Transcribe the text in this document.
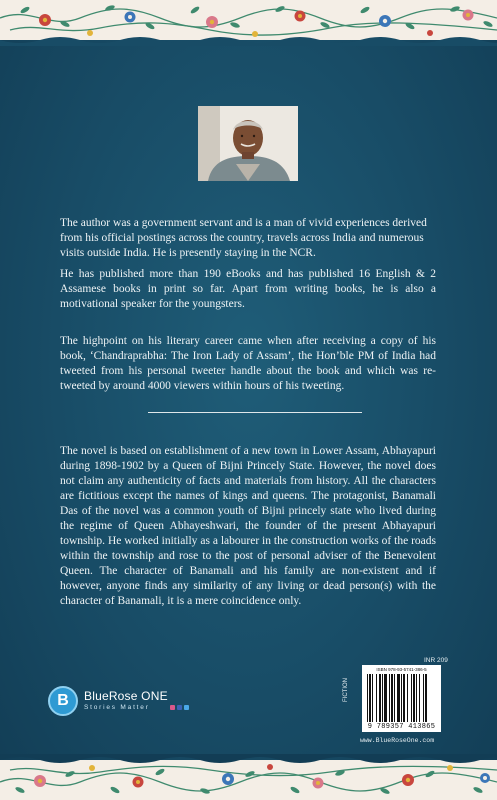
The author was a government servant and is a man of vivid experiences derived from his official postings across the country, travels across India and numerous visits outside India. He is presently staying in the NCR.

He has published more than 190 eBooks and has published 16 English & 2 Assamese books in print so far. Apart from writing books, he is also a motivational speaker for the youngsters.

The highpoint on his literary career came when after receiving a copy of his book, ‘Chandraprabha: The Iron Lady of Assam’, the Hon’ble PM of India had tweeted from his personal tweeter handle about the book and which was re-tweeted by around 4000 viewers within hours of his tweeting.

The novel is based on establishment of a new town in Lower Assam, Abhayapuri during 1898-1902 by a Queen of Bijni Princely State. However, the novel does not claim any authenticity of facts and materials from history. All the characters are fictitious except the names of kings and queens. The protagonist, Banamali Das of the novel was a common youth of Bijni princely state who lived during the regime of Queen Abhayeshwari, the founder of the present Abhayapuri township. He worked initially as a labourer in the construction works of the roads within the township and rose to the post of personal adviser of the Benevolent Queen. The character of Banamali and his family are non-existent and if however, anyone finds any similarity of any living or dead person(s) with the character of Banamali, it is a mere coincidence only.

B	BlueRose ONE
Stories Matter
INR 209
FICTION
ISBN 978-93-5741-386-5
9 789357 413865
www.BlueRoseOne.com
